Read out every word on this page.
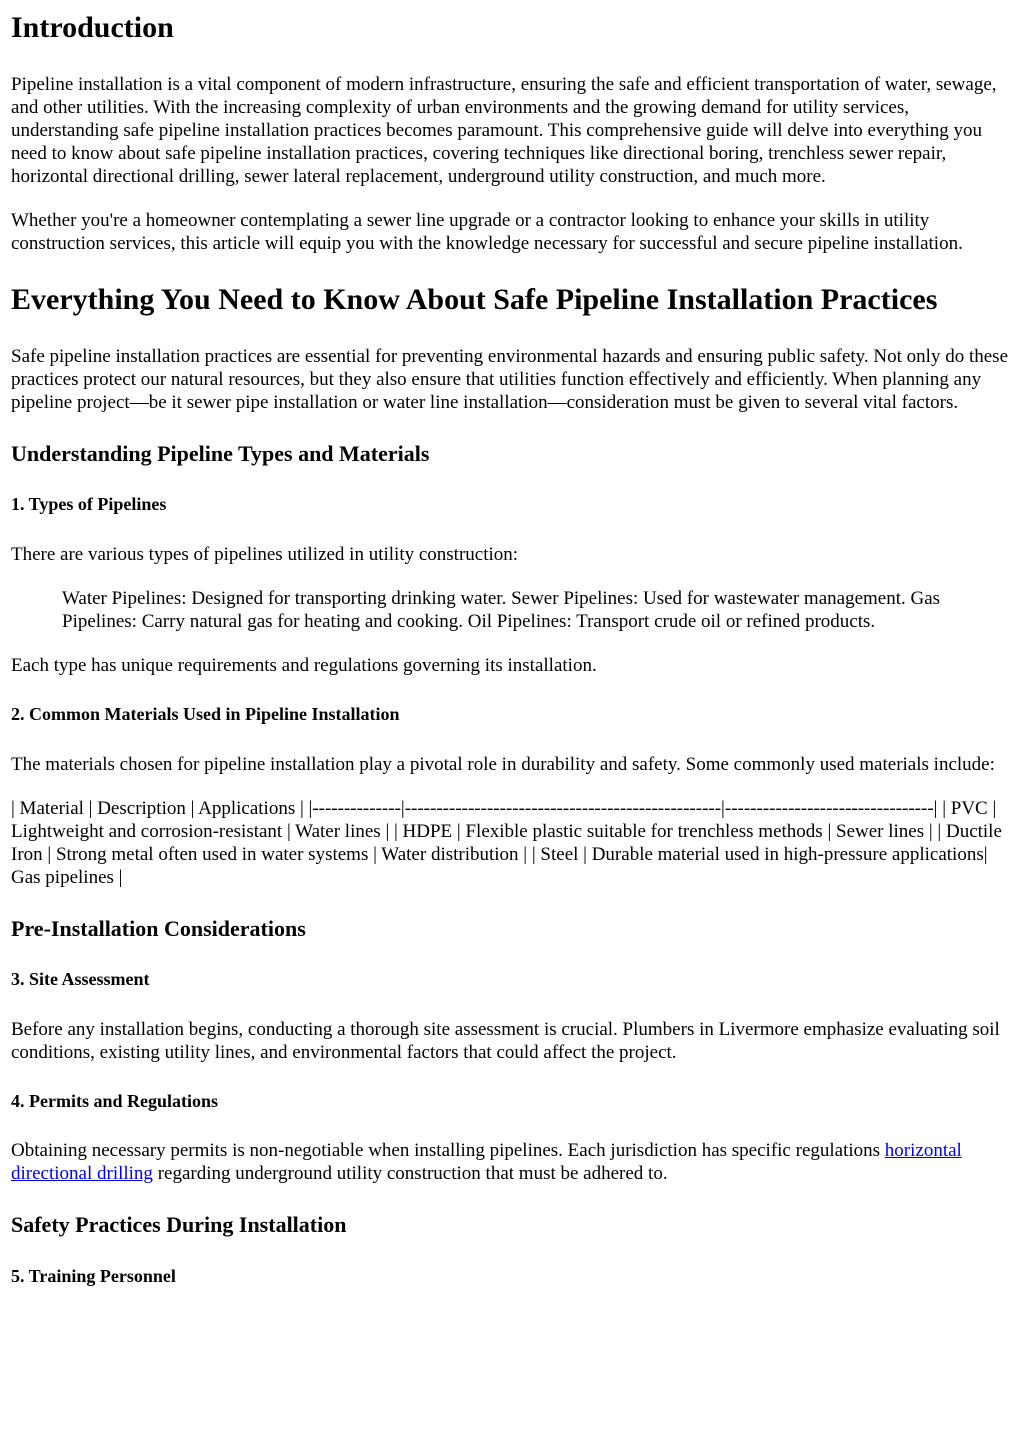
Introduction

Pipeline installation is a vital component of modern infrastructure, ensuring the safe and efficient transportation of water, sewage, and other utilities. With the increasing complexity of urban environments and the growing demand for utility services, understanding safe pipeline installation practices becomes paramount. This comprehensive guide will delve into everything you need to know about safe pipeline installation practices, covering techniques like directional boring, trenchless sewer repair, horizontal directional drilling, sewer lateral replacement, underground utility construction, and much more.

Whether you're a homeowner contemplating a sewer line upgrade or a contractor looking to enhance your skills in utility construction services, this article will equip you with the knowledge necessary for successful and secure pipeline installation.

Everything You Need to Know About Safe Pipeline Installation Practices

Safe pipeline installation practices are essential for preventing environmental hazards and ensuring public safety. Not only do these practices protect our natural resources, but they also ensure that utilities function effectively and efficiently. When planning any pipeline project—be it sewer pipe installation or water line installation—consideration must be given to several vital factors.

Understanding Pipeline Types and Materials
1. Types of Pipelines

There are various types of pipelines utilized in utility construction:

Water Pipelines: Designed for transporting drinking water. Sewer Pipelines: Used for wastewater management. Gas Pipelines: Carry natural gas for heating and cooking. Oil Pipelines: Transport crude oil or refined products.

Each type has unique requirements and regulations governing its installation.

2. Common Materials Used in Pipeline Installation

The materials chosen for pipeline installation play a pivotal role in durability and safety. Some commonly used materials include:

| Material | Description | Applications | |--------------|--------------------------------------------------|---------------------------------| | PVC | Lightweight and corrosion-resistant | Water lines | | HDPE | Flexible plastic suitable for trenchless methods | Sewer lines | | Ductile Iron | Strong metal often used in water systems | Water distribution | | Steel | Durable material used in high-pressure applications| Gas pipelines |

Pre-Installation Considerations
3. Site Assessment

Before any installation begins, conducting a thorough site assessment is crucial. Plumbers in Livermore emphasize evaluating soil conditions, existing utility lines, and environmental factors that could affect the project.

4. Permits and Regulations

Obtaining necessary permits is non-negotiable when installing pipelines. Each jurisdiction has specific regulations horizontal directional drilling regarding underground utility construction that must be adhered to.

Safety Practices During Installation
5. Training Personnel
